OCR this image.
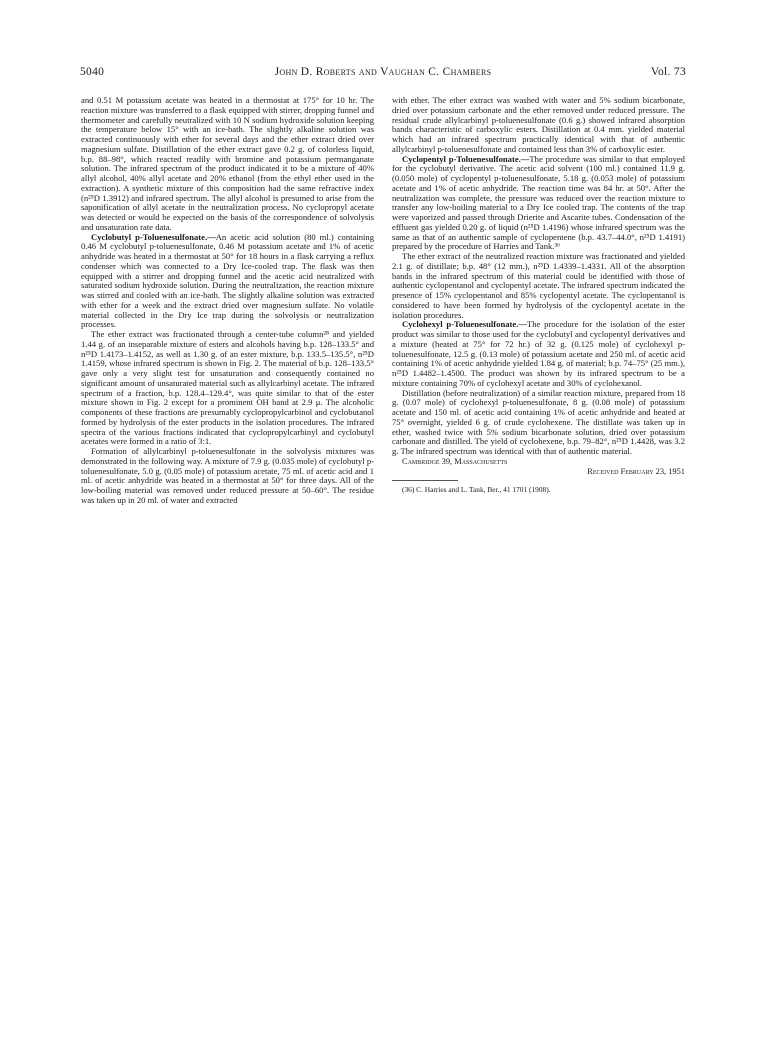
5040	John D. Roberts and Vaughan C. Chambers	Vol. 73

and 0.51 M potassium acetate was heated in a thermostat at 175° for 10 hr. The reaction mixture was transferred to a flask equipped with stirrer, dropping funnel and thermometer and carefully neutralized with 10 N sodium hydroxide solution keeping the temperature below 15° with an ice-bath. The slightly alkaline solution was extracted continuously with ether for several days and the ether extract dried over magnesium sulfate. Distillation of the ether extract gave 0.2 g. of colorless liquid, b.p. 88–98°, which reacted readily with bromine and potassium permanganate solution. The infrared spectrum of the product indicated it to be a mixture of 40% allyl alcohol, 40% allyl acetate and 20% ethanol (from the ethyl ether used in the extraction). A synthetic mixture of this composition had the same refractive index (n²⁵D 1.3912) and infrared spectrum. The allyl alcohol is presumed to arise from the saponification of allyl acetate in the neutralization process. No cyclopropyl acetate was detected or would be expected on the basis of the correspondence of solvolysis and unsaturation rate data.

Cyclobutyl p-Toluenesulfonate.—An acetic acid solution (80 ml.) containing 0.46 M cyclobutyl p-toluenesulfonate, 0.46 M potassium acetate and 1% of acetic anhydride was heated in a thermostat at 50° for 18 hours in a flask carrying a reflux condenser which was connected to a Dry Ice-cooled trap. The flask was then equipped with a stirrer and dropping funnel and the acetic acid neutralized with saturated sodium hydroxide solution. During the neutralization, the reaction mixture was stirred and cooled with an ice-bath. The slightly alkaline solution was extracted with ether for a week and the extract dried over magnesium sulfate. No volatile material collected in the Dry Ice trap during the solvolysis or neutralization processes.

The ether extract was fractionated through a center-tube column²⁸ and yielded 1.44 g. of an inseparable mixture of esters and alcohols having b.p. 128–133.5° and n²⁵D 1.4173–1.4152, as well as 1.30 g. of an ester mixture, b.p. 133.5–135.5°, n²⁵D 1.4159, whose infrared spectrum is shown in Fig. 2. The material of b.p. 128–133.5° gave only a very slight test for unsaturation and consequently contained no significant amount of unsaturated material such as allylcarbinyl acetate. The infrared spectrum of a fraction, b.p. 128.4–129.4°, was quite similar to that of the ester mixture shown in Fig. 2 except for a prominent OH band at 2.9 μ. The alcoholic components of these fractions are presumably cyclopropylcarbinol and cyclobutanol formed by hydrolysis of the ester products in the isolation procedures. The infrared spectra of the various fractions indicated that cyclopropylcarbinyl and cyclobutyl acetates were formed in a ratio of 3:1.

Formation of allylcarbinyl p-toluenesulfonate in the solvolysis mixtures was demonstrated in the following way. A mixture of 7.9 g. (0.035 mole) of cyclobutyl p-toluenesulfonate, 5.0 g. (0.05 mole) of potassium acetate, 75 ml. of acetic acid and 1 ml. of acetic anhydride was heated in a thermostat at 50° for three days. All of the low-boiling material was removed under reduced pressure at 50–60°. The residue was taken up in 20 ml. of water and extracted

with ether. The ether extract was washed with water and 5% sodium bicarbonate, dried over potassium carbonate and the ether removed under reduced pressure. The residual crude allylcarbinyl p-toluenesulfonate (0.6 g.) showed infrared absorption bands characteristic of carboxylic esters. Distillation at 0.4 mm. yielded material which had an infrared spectrum practically identical with that of authentic allylcarbinyl p-toluenesulfonate and contained less than 3% of carboxylic ester.

Cyclopentyl p-Toluenesulfonate.—The procedure was similar to that employed for the cyclobutyl derivative. The acetic acid solvent (100 ml.) contained 11.9 g. (0.050 mole) of cyclopentyl p-toluenesulfonate, 5.18 g. (0.053 mole) of potassium acetate and 1% of acetic anhydride. The reaction time was 84 hr. at 50°. After the neutralization was complete, the pressure was reduced over the reaction mixture to transfer any low-boiling material to a Dry Ice cooled trap. The contents of the trap were vaporized and passed through Drierite and Ascarite tubes. Condensation of the effluent gas yielded 0.20 g. of liquid (n²⁵D 1.4196) whose infrared spectrum was the same as that of an authentic sample of cyclopentene (b.p. 43.7–44.0°, n²⁵D 1.4191) prepared by the procedure of Harries and Tank.³⁶

The ether extract of the neutralized reaction mixture was fractionated and yielded 2.1 g. of distillate; b.p. 48° (12 mm.), n²⁵D 1.4339–1.4331. All of the absorption bands in the infrared spectrum of this material could be identified with those of authentic cyclopentanol and cyclopentyl acetate. The infrared spectrum indicated the presence of 15% cyclopentanol and 85% cyclopentyl acetate. The cyclopentanol is considered to have been formed by hydrolysis of the cyclopentyl acetate in the isolation procedures.

Cyclohexyl p-Toluenesulfonate.—The procedure for the isolation of the ester product was similar to those used for the cyclobutyl and cyclopentyl derivatives and a mixture (heated at 75° for 72 hr.) of 32 g. (0.125 mole) of cyclohexyl p-toluenesulfonate, 12.5 g. (0.13 mole) of potassium acetate and 250 ml. of acetic acid containing 1% of acetic anhydride yielded 1.84 g. of material; b.p. 74–75° (25 mm.), n²⁵D 1.4482–1.4500. The product was shown by its infrared spectrum to be a mixture containing 70% of cyclohexyl acetate and 30% of cyclohexanol.

Distillation (before neutralization) of a similar reaction mixture, prepared from 18 g. (0.07 mole) of cyclohexyl p-toluenesulfonate, 8 g. (0.08 mole) of potassium acetate and 150 ml. of acetic acid containing 1% of acetic anhydride and heated at 75° overnight, yielded 6 g. of crude cyclohexene. The distillate was taken up in ether, washed twice with 5% sodium bicarbonate solution, dried over potassium carbonate and distilled. The yield of cyclohexene, b.p. 79–82°, n²⁵D 1.4428, was 3.2 g. The infrared spectrum was identical with that of authentic material.

Cambridge 39, Massachusetts

Received February 23, 1951

(36) C. Harries and L. Tank, Ber., 41 1701 (1908).
